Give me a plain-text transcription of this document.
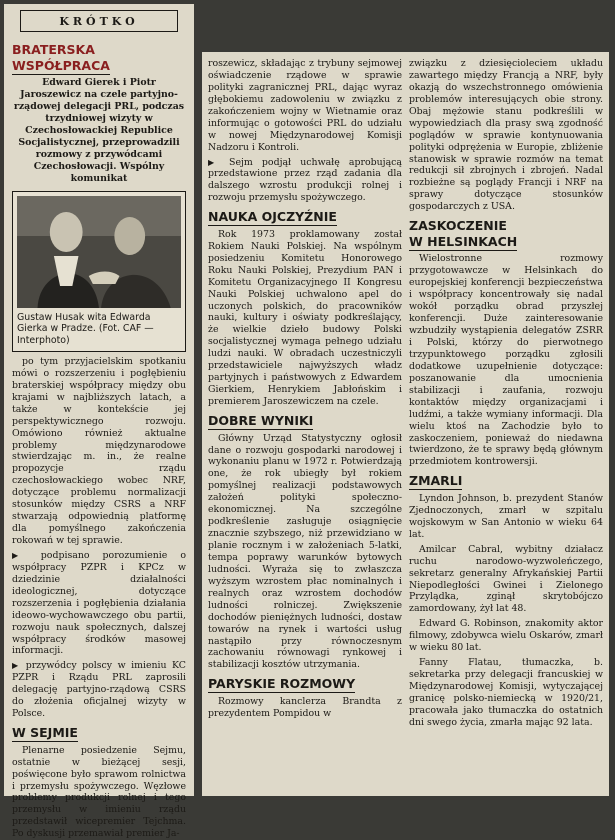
KRÓTKO
BRATERSKA
WSPÓŁPRACA

Edward Gierek i Piotr Jaroszewicz na czele partyjno-rządowej delegacji PRL, podczas trzydniowej wizyty w Czechosłowackiej Republice Socjalistycznej, przeprowadzili rozmowy z przywódcami Czechosłowacji. Wspólny komunikat

Gustaw Husak wita Edwarda Gierka w Pradze. (Fot. CAF — Interphoto)

po tym przyjacielskim spotkaniu mówi o rozszerzeniu i pogłębieniu braterskiej współpracy między obu krajami w najbliższych latach, a także w kontekście jej perspektywicznego rozwoju. Omówiono również aktualne problemy międzynarodowe stwierdzając m. in., że realne propozycje rządu czechosłowackiego wobec NRF, dotyczące problemu normalizacji stosunków między CSRS a NRF stwarzają odpowiednią platformę dla pomyślnego zakończenia rokowań w tej sprawie.

▶ podpisano porozumienie o współpracy PZPR i KPCz w dziedzinie działalności ideologicznej, dotyczące rozszerzenia i pogłębienia działania ideowo-wychowawczego obu partii, rozwoju nauk społecznych, dalszej współpracy środków masowej informacji.

▶ przywódcy polscy w imieniu KC PZPR i Rządu PRL zaprosili delegację partyjno-rządową CSRS do złożenia oficjalnej wizyty w Polsce.

W SEJMIE

Plenarne posiedzenie Sejmu, ostatnie w bieżącej sesji, poświęcone było sprawom rolnictwa i przemysłu spożywczego. Węzłowe problemy produkcji rolnej i tego przemysłu w imieniu rządu przedstawił wicepremier Tejchma. Po dyskusji przemawiał premier Ja-

roszewicz, składając z trybuny sejmowej oświadczenie rządowe w sprawie polityki zagranicznej PRL, dając wyraz głębokiemu zadowoleniu w związku z zakończeniem wojny w Wietnamie oraz informując o gotowości PRL do udziału w nowej Międzynarodowej Komisji Nadzoru i Kontroli.

▶ Sejm podjął uchwałę aprobującą przedstawione przez rząd zadania dla dalszego wzrostu produkcji rolnej i rozwoju przemysłu spożywczego.

NAUKA OJCZYŹNIE

Rok 1973 proklamowany został Rokiem Nauki Polskiej. Na wspólnym posiedzeniu Komitetu Honorowego Roku Nauki Polskiej, Prezydium PAN i Komitetu Organizacyjnego II Kongresu Nauki Polskiej uchwalono apel do uczonych polskich, do pracowników nauki, kultury i oświaty podkreślający, że wielkie dzieło budowy Polski socjalistycznej wymaga pełnego udziału ludzi nauki. W obradach uczestniczyli przedstawiciele najwyższych władz partyjnych i państwowych z Edwardem Gierkiem, Henrykiem Jabłońskim i premierem Jaroszewiczem na czele.

DOBRE WYNIKI

Główny Urząd Statystyczny ogłosił dane o rozwoju gospodarki narodowej i wykonaniu planu w 1972 r. Potwierdzają one, że rok ubiegły był rokiem pomyślnej realizacji podstawowych założeń polityki społeczno-ekonomicznej. Na szczególne podkreślenie zasługuje osiągnięcie znacznie szybszego, niż przewidziano w planie rocznym i w założeniach 5-latki, tempa poprawy warunków bytowych ludności. Wyraża się to zwłaszcza wyższym wzrostem płac nominalnych i realnych oraz wzrostem dochodów ludności rolniczej. Zwiększenie dochodów pieniężnych ludności, dostaw towarów na rynek i wartości usług nastąpiło przy równoczesnym zachowaniu równowagi rynkowej i stabilizacji kosztów utrzymania.

PARYSKIE ROZMOWY

Rozmowy kanclerza Brandta z prezydentem Pompidou w

związku z dziesięcioleciem układu zawartego między Francją a NRF, były okazją do wszechstronnego omówienia problemów interesujących obie strony. Obaj mężowie stanu podkreślili w wypowiedziach dla prasy swą zgodność poglądów w sprawie kontynuowania polityki odprężenia w Europie, zbliżenie stanowisk w sprawie rozmów na temat redukcji sił zbrojnych i zbrojeń. Nadal rozbieżne są poglądy Francji i NRF na sprawy dotyczące stosunków gospodarczych z USA.

ZASKOCZENIE
W HELSINKACH

Wielostronne rozmowy przygotowawcze w Helsinkach do europejskiej konferencji bezpieczeństwa i współpracy koncentrowały się nadal wokół porządku obrad przyszłej konferencji. Duże zainteresowanie wzbudziły wystąpienia delegatów ZSRR i Polski, którzy do pierwotnego trzypunktowego porządku zgłosili dodatkowe uzupełnienie dotyczące: poszanowanie dla umocnienia stabilizacji i zaufania, rozwoju kontaktów między organizacjami i ludźmi, a także wymiany informacji. Dla wielu ktoś na Zachodzie było to zaskoczeniem, ponieważ do niedawna twierdzono, że te sprawy będą głównym przedmiotem kontrowersji.

ZMARLI

Lyndon Johnson, b. prezydent Stanów Zjednoczonych, zmarł w szpitalu wojskowym w San Antonio w wieku 64 lat.

Amilcar Cabral, wybitny działacz ruchu narodowo-wyzwoleńczego, sekretarz generalny Afrykańskiej Partii Niepodległości Gwinei i Zielonego Przylądka, zginął skrytobójczo zamordowany, żył lat 48.

Edward G. Robinson, znakomity aktor filmowy, zdobywca wielu Oskarów, zmarł w wieku 80 lat.

Fanny Flatau, tłumaczka, b. sekretarka przy delegacji francuskiej w Międzynarodowej Komisji, wytyczającej granicę polsko-niemiecką w 1920/21, pracowała jako tłumaczka do ostatnich dni swego życia, zmarła mając 92 lata.
